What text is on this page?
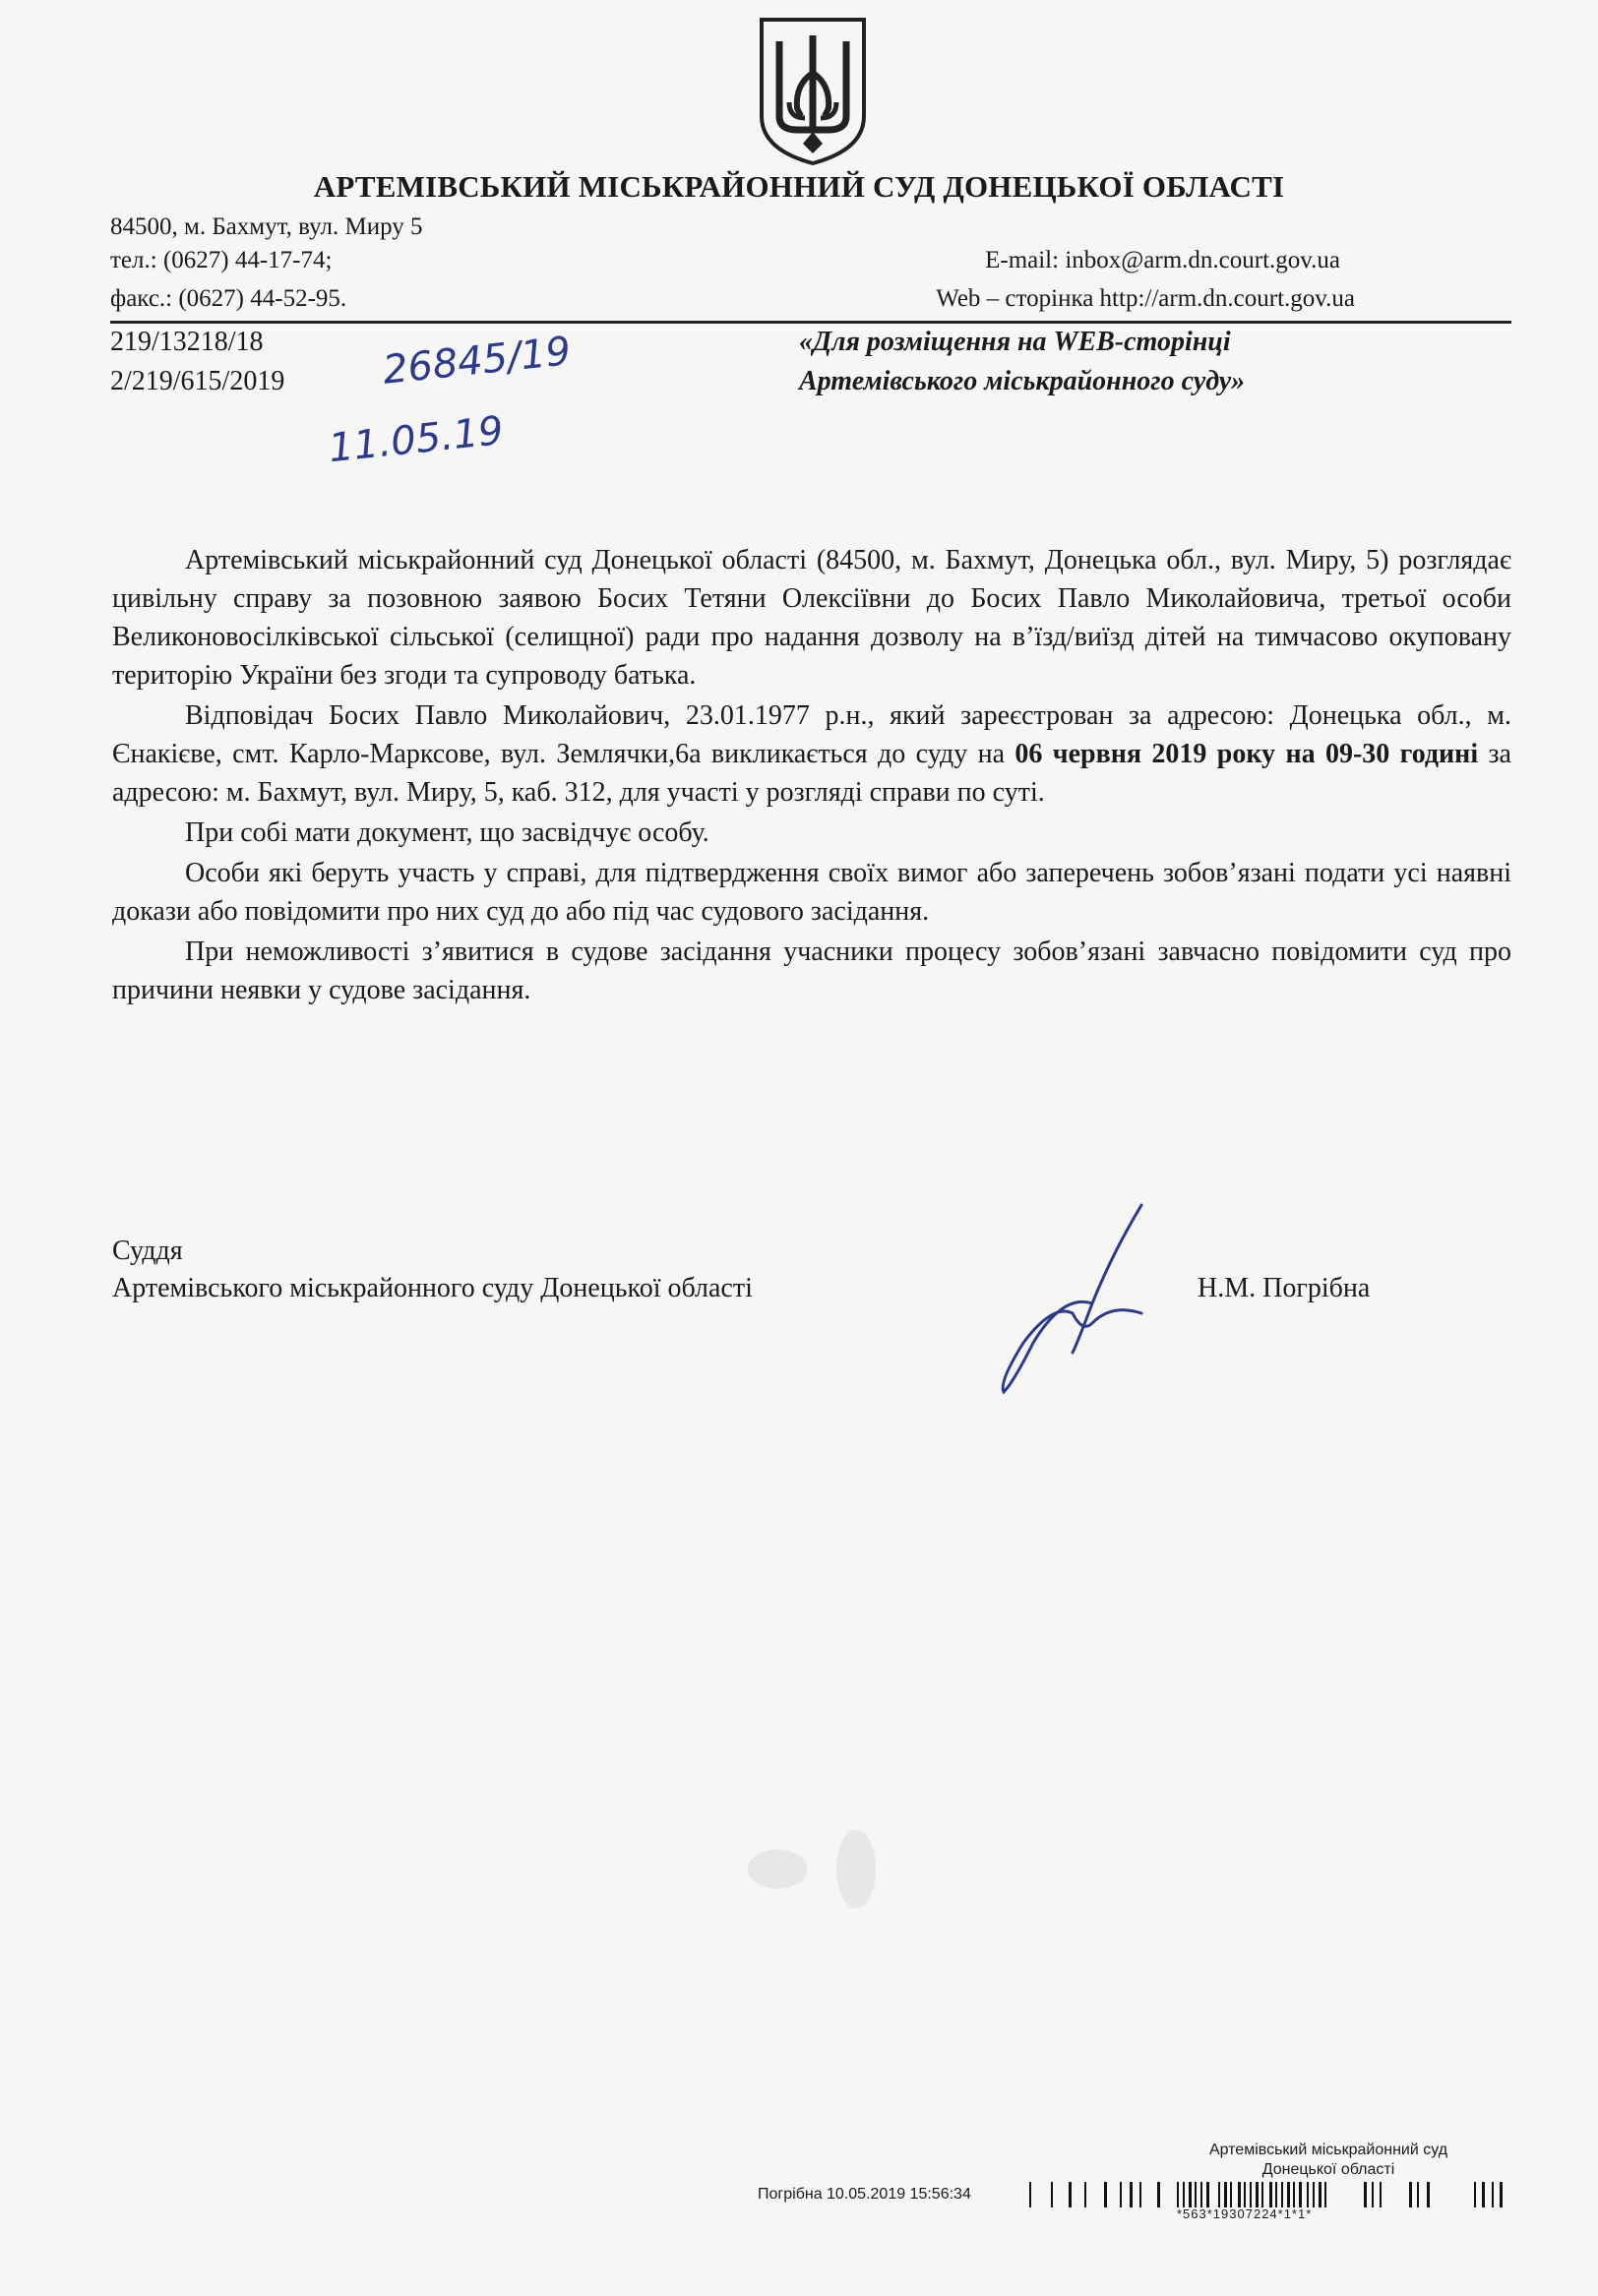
АРТЕМІВСЬКИЙ МІСЬКРАЙОННИЙ СУД ДОНЕЦЬКОЇ ОБЛАСТІ
84500, м. Бахмут, вул. Миру 5
тел.: (0627) 44-17-74;
факс.: (0627) 44-52-95.
E-mail: inbox@arm.dn.court.gov.ua
Web – сторінка http://arm.dn.court.gov.ua
219/13218/18
2/219/615/2019 26845/19
11.05.19
«Для розміщення на WEB-сторінці
Артемівського міськрайонного суду»

Артемівський міськрайонний суд Донецької області (84500, м. Бахмут, Донецька обл., вул. Миру, 5) розглядає цивільну справу за позовною заявою Босих Тетяни Олексіївни до Босих Павло Миколайовича, третьої особи Великоновосілківської сільської (селищної) ради про надання дозволу на в’їзд/виїзд дітей на тимчасово окуповану територію України без згоди та супроводу батька.

Відповідач Босих Павло Миколайович, 23.01.1977 р.н., який зареєстрован за адресою: Донецька обл., м. Єнакієве, смт. Карло-Марксове, вул. Землячки,6а викликається до суду на 06 червня 2019 року на 09-30 годині за адресою: м. Бахмут, вул. Миру, 5, каб. 312, для участі у розгляді справи по суті.

При собі мати документ, що засвідчує особу.

Особи які беруть участь у справі, для підтвердження своїх вимог або заперечень зобов’язані подати усі наявні докази або повідомити про них суд до або під час судового засідання.

При неможливості з’явитися в судове засідання учасники процесу зобов’язані завчасно повідомити суд про причини неявки у судове засідання.

Суддя
Артемівського міськрайонного суду Донецької області	Н.М. Погрібна
Артемівський міськрайонний суд
Донецької області
Погрібна 10.05.2019 15:56:34
*563*19307224*1*1*
